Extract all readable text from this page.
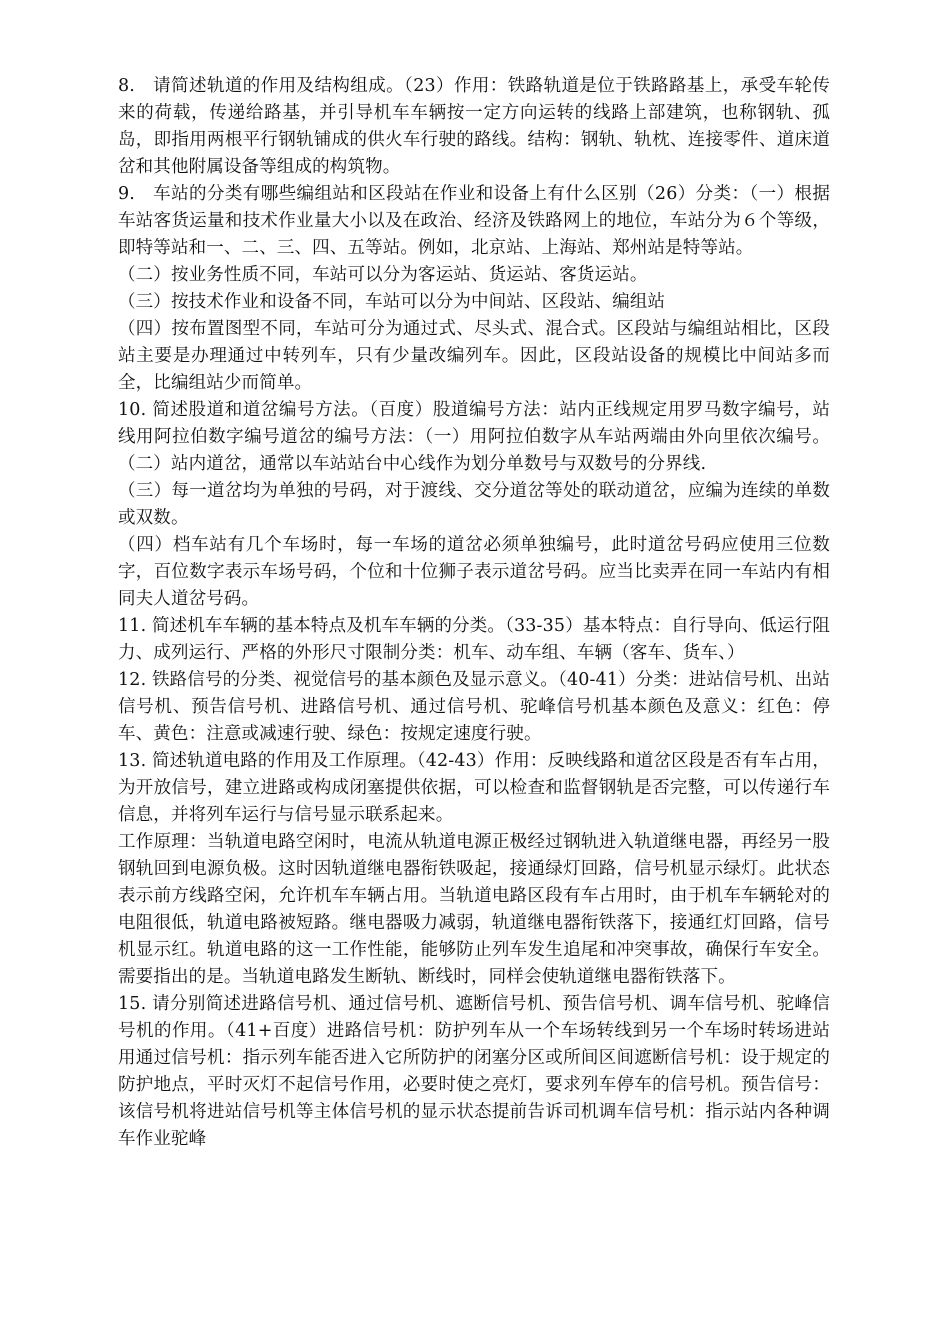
8.　请简述轨道的作用及结构组成。（23）作用：铁路轨道是位于铁路路基上，承受车轮传来的荷载，传递给路基，并引导机车车辆按一定方向运转的线路上部建筑，也称钢轨、孤岛，即指用两根平行钢轨铺成的供火车行驶的路线。结构：钢轨、轨枕、连接零件、道床道岔和其他附属设备等组成的构筑物。

9.　车站的分类有哪些编组站和区段站在作业和设备上有什么区别（26）分类：（一）根据车站客货运量和技术作业量大小以及在政治、经济及铁路网上的地位，车站分为６个等级，即特等站和一、二、三、四、五等站。例如，北京站、上海站、郑州站是特等站。

（二）按业务性质不同，车站可以分为客运站、货运站、客货运站。

（三）按技术作业和设备不同，车站可以分为中间站、区段站、编组站

（四）按布置图型不同，车站可分为通过式、尽头式、混合式。区段站与编组站相比，区段站主要是办理通过中转列车，只有少量改编列车。因此，区段站设备的规模比中间站多而全，比编组站少而简单。

10. 简述股道和道岔编号方法。（百度）股道编号方法：站内正线规定用罗马数字编号，站线用阿拉伯数字编号道岔的编号方法：（一）用阿拉伯数字从车站两端由外向里依次编号。（二）站内道岔，通常以车站站台中心线作为划分单数号与双数号的分界线.

（三）每一道岔均为单独的号码，对于渡线、交分道岔等处的联动道岔，应编为连续的单数或双数。

（四）档车站有几个车场时，每一车场的道岔必须单独编号，此时道岔号码应使用三位数字，百位数字表示车场号码，个位和十位狮子表示道岔号码。应当比卖弄在同一车站内有相同夫人道岔号码。

11. 简述机车车辆的基本特点及机车车辆的分类。（33-35）基本特点：自行导向、低运行阻力、成列运行、严格的外形尺寸限制分类：机车、动车组、车辆（客车、货车、）

12. 铁路信号的分类、视觉信号的基本颜色及显示意义。（40-41）分类：进站信号机、出站信号机、预告信号机、进路信号机、通过信号机、驼峰信号机基本颜色及意义：红色：停车、黄色：注意或减速行驶、绿色：按规定速度行驶。

13. 简述轨道电路的作用及工作原理。（42-43）作用：反映线路和道岔区段是否有车占用，为开放信号，建立进路或构成闭塞提供依据，可以检查和监督钢轨是否完整，可以传递行车信息，并将列车运行与信号显示联系起来。

工作原理：当轨道电路空闲时，电流从轨道电源正极经过钢轨进入轨道继电器，再经另一股钢轨回到电源负极。这时因轨道继电器衔铁吸起，接通绿灯回路，信号机显示绿灯。此状态表示前方线路空闲，允许机车车辆占用。当轨道电路区段有车占用时，由于机车车辆轮对的电阻很低，轨道电路被短路。继电器吸力减弱，轨道继电器衔铁落下，接通红灯回路，信号机显示红。轨道电路的这一工作性能，能够防止列车发生追尾和冲突事故，确保行车安全。需要指出的是。当轨道电路发生断轨、断线时，同样会使轨道继电器衔铁落下。

15. 请分别简述进路信号机、通过信号机、遮断信号机、预告信号机、调车信号机、驼峰信号机的作用。（41+百度）进路信号机：防护列车从一个车场转线到另一个车场时转场进站用通过信号机：指示列车能否进入它所防护的闭塞分区或所间区间遮断信号机：设于规定的防护地点，平时灭灯不起信号作用，必要时使之亮灯，要求列车停车的信号机。预告信号：该信号机将进站信号机等主体信号机的显示状态提前告诉司机调车信号机：指示站内各种调车作业驼峰
